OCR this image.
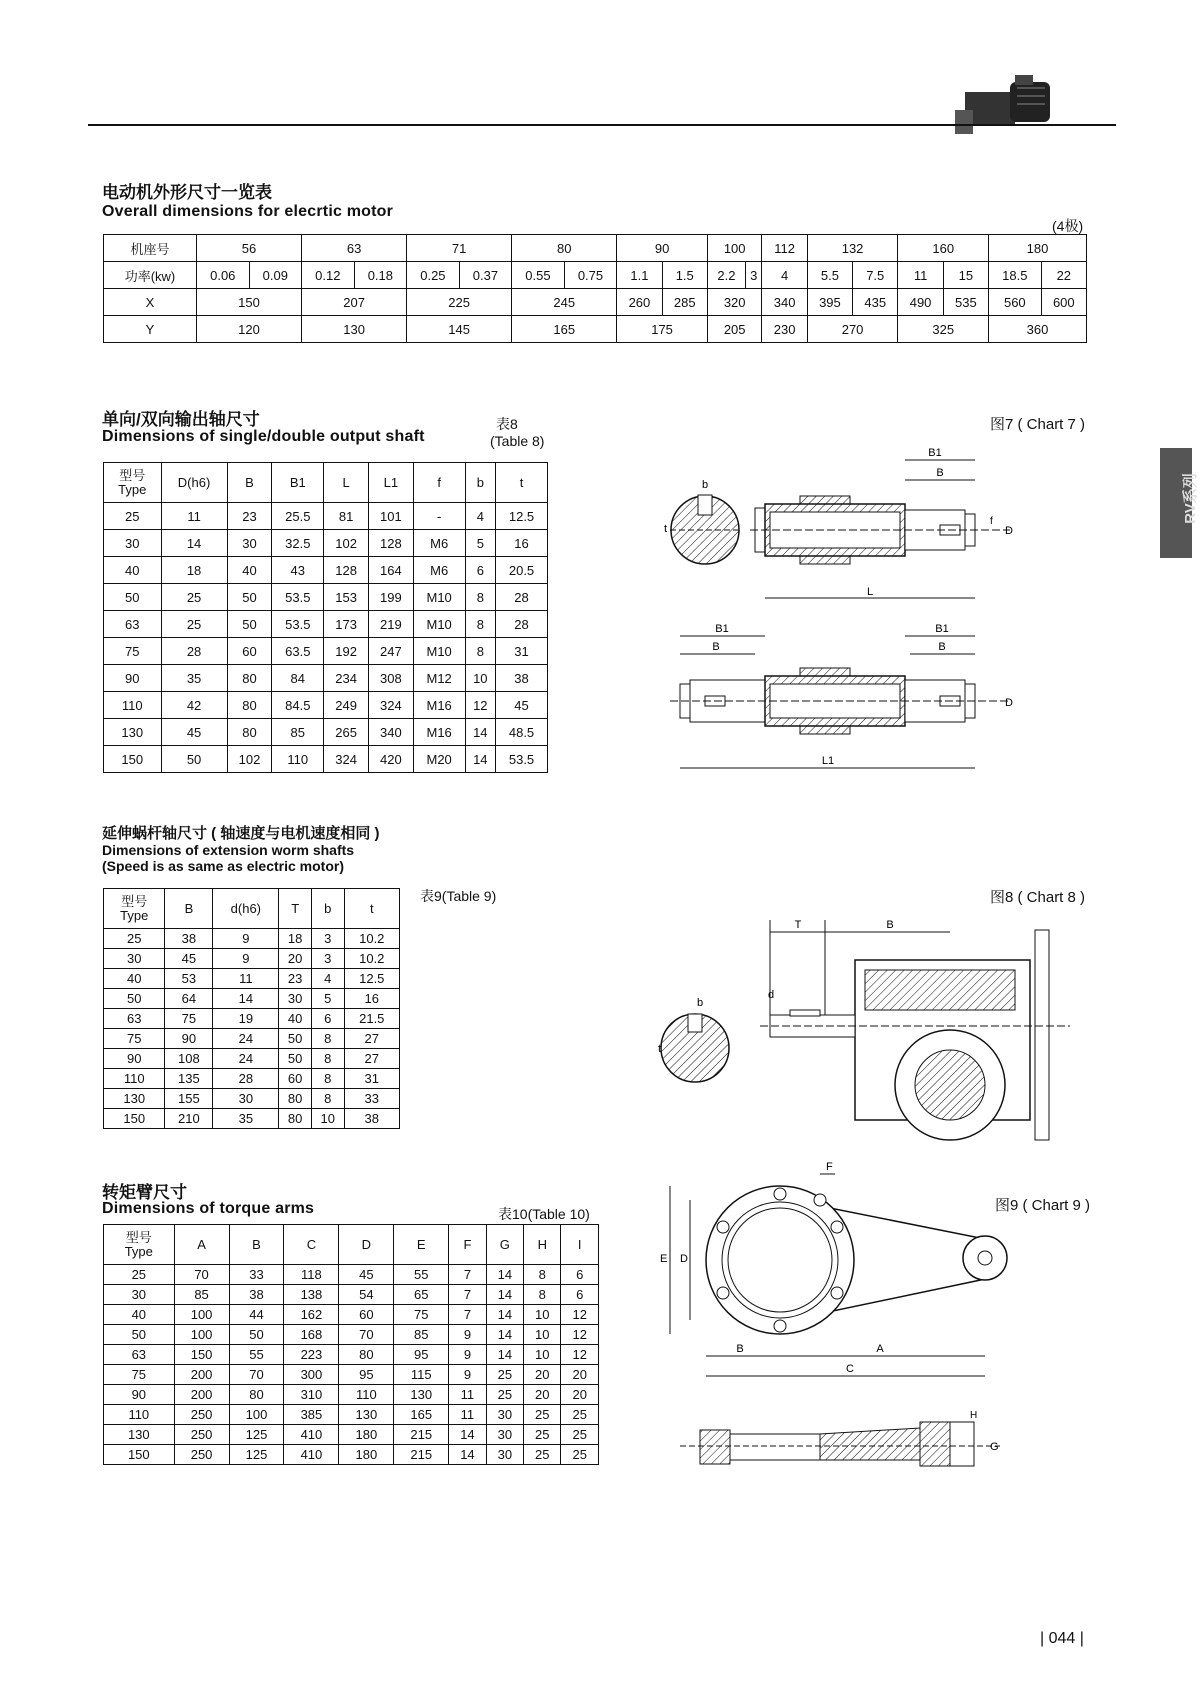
RV系列
电动机外形尺寸一览表
Overall dimensions for elecrtic motor
(4极)
机座号	56		63		71		80		90		100		112	132		160		180	
功率(kw)	0.06	0.09	0.12	0.18	0.25	0.37	0.55	0.75	1.1	1.5	2.2	3	4	5.5	7.5	11	15	18.5	22
X	150		207		225		245		260	285	320		340	395	435	490	535	560	600
Y	120		130		145		165		175		205		230	270		325		360	
单向/双向输出轴尺寸
Dimensions of single/double output shaft
表8
(Table 8)
图7 ( Chart 7 )
型号
Type	D(h6)	B	B1	L	L1	f	b	t
25	11	23	25.5	81	101	-	4	12.5
30	14	30	32.5	102	128	M6	5	16
40	18	40	43	128	164	M6	6	20.5
50	25	50	53.5	153	199	M10	8	28
63	25	50	53.5	173	219	M10	8	28
75	28	60	63.5	192	247	M10	8	31
90	35	80	84	234	308	M12	10	38
110	42	80	84.5	249	324	M16	12	45
130	45	80	85	265	340	M16	14	48.5
150	50	102	110	324	420	M20	14	53.5
b
t
B1
B
L
D
f
B1
B
B1
B
L1
D
延伸蜗杆轴尺寸 ( 轴速度与电机速度相同 )
Dimensions of extension worm shafts
(Speed is as same as electric motor)
表9(Table 9)	图8 ( Chart 8 )
型号
Type	B	d(h6)	T	b	t
25	38	9	18	3	10.2
30	45	9	20	3	10.2
40	53	11	23	4	12.5
50	64	14	30	5	16
63	75	19	40	6	21.5
75	90	24	50	8	27
90	108	24	50	8	27
110	135	28	60	8	31
130	155	30	80	8	33
150	210	35	80	10	38
b
t
T	B
d
转矩臂尺寸
Dimensions of torque arms	表10(Table 10)	图9 ( Chart 9 )
型号
Type	A	B	C	D	E	F	G	H	I
25	70	33	118	45	55	7	14	8	6
30	85	38	138	54	65	7	14	8	6
40	100	44	162	60	75	7	14	10	12
50	100	50	168	70	85	9	14	10	12
63	150	55	223	80	95	9	14	10	12
75	200	70	300	95	115	9	25	20	20
90	200	80	310	110	130	11	25	20	20
110	250	100	385	130	165	11	30	25	25
130	250	125	410	180	215	14	30	25	25
150	250	125	410	180	215	14	30	25	25
E D
F
B	A
C
H
G
| 044 |
